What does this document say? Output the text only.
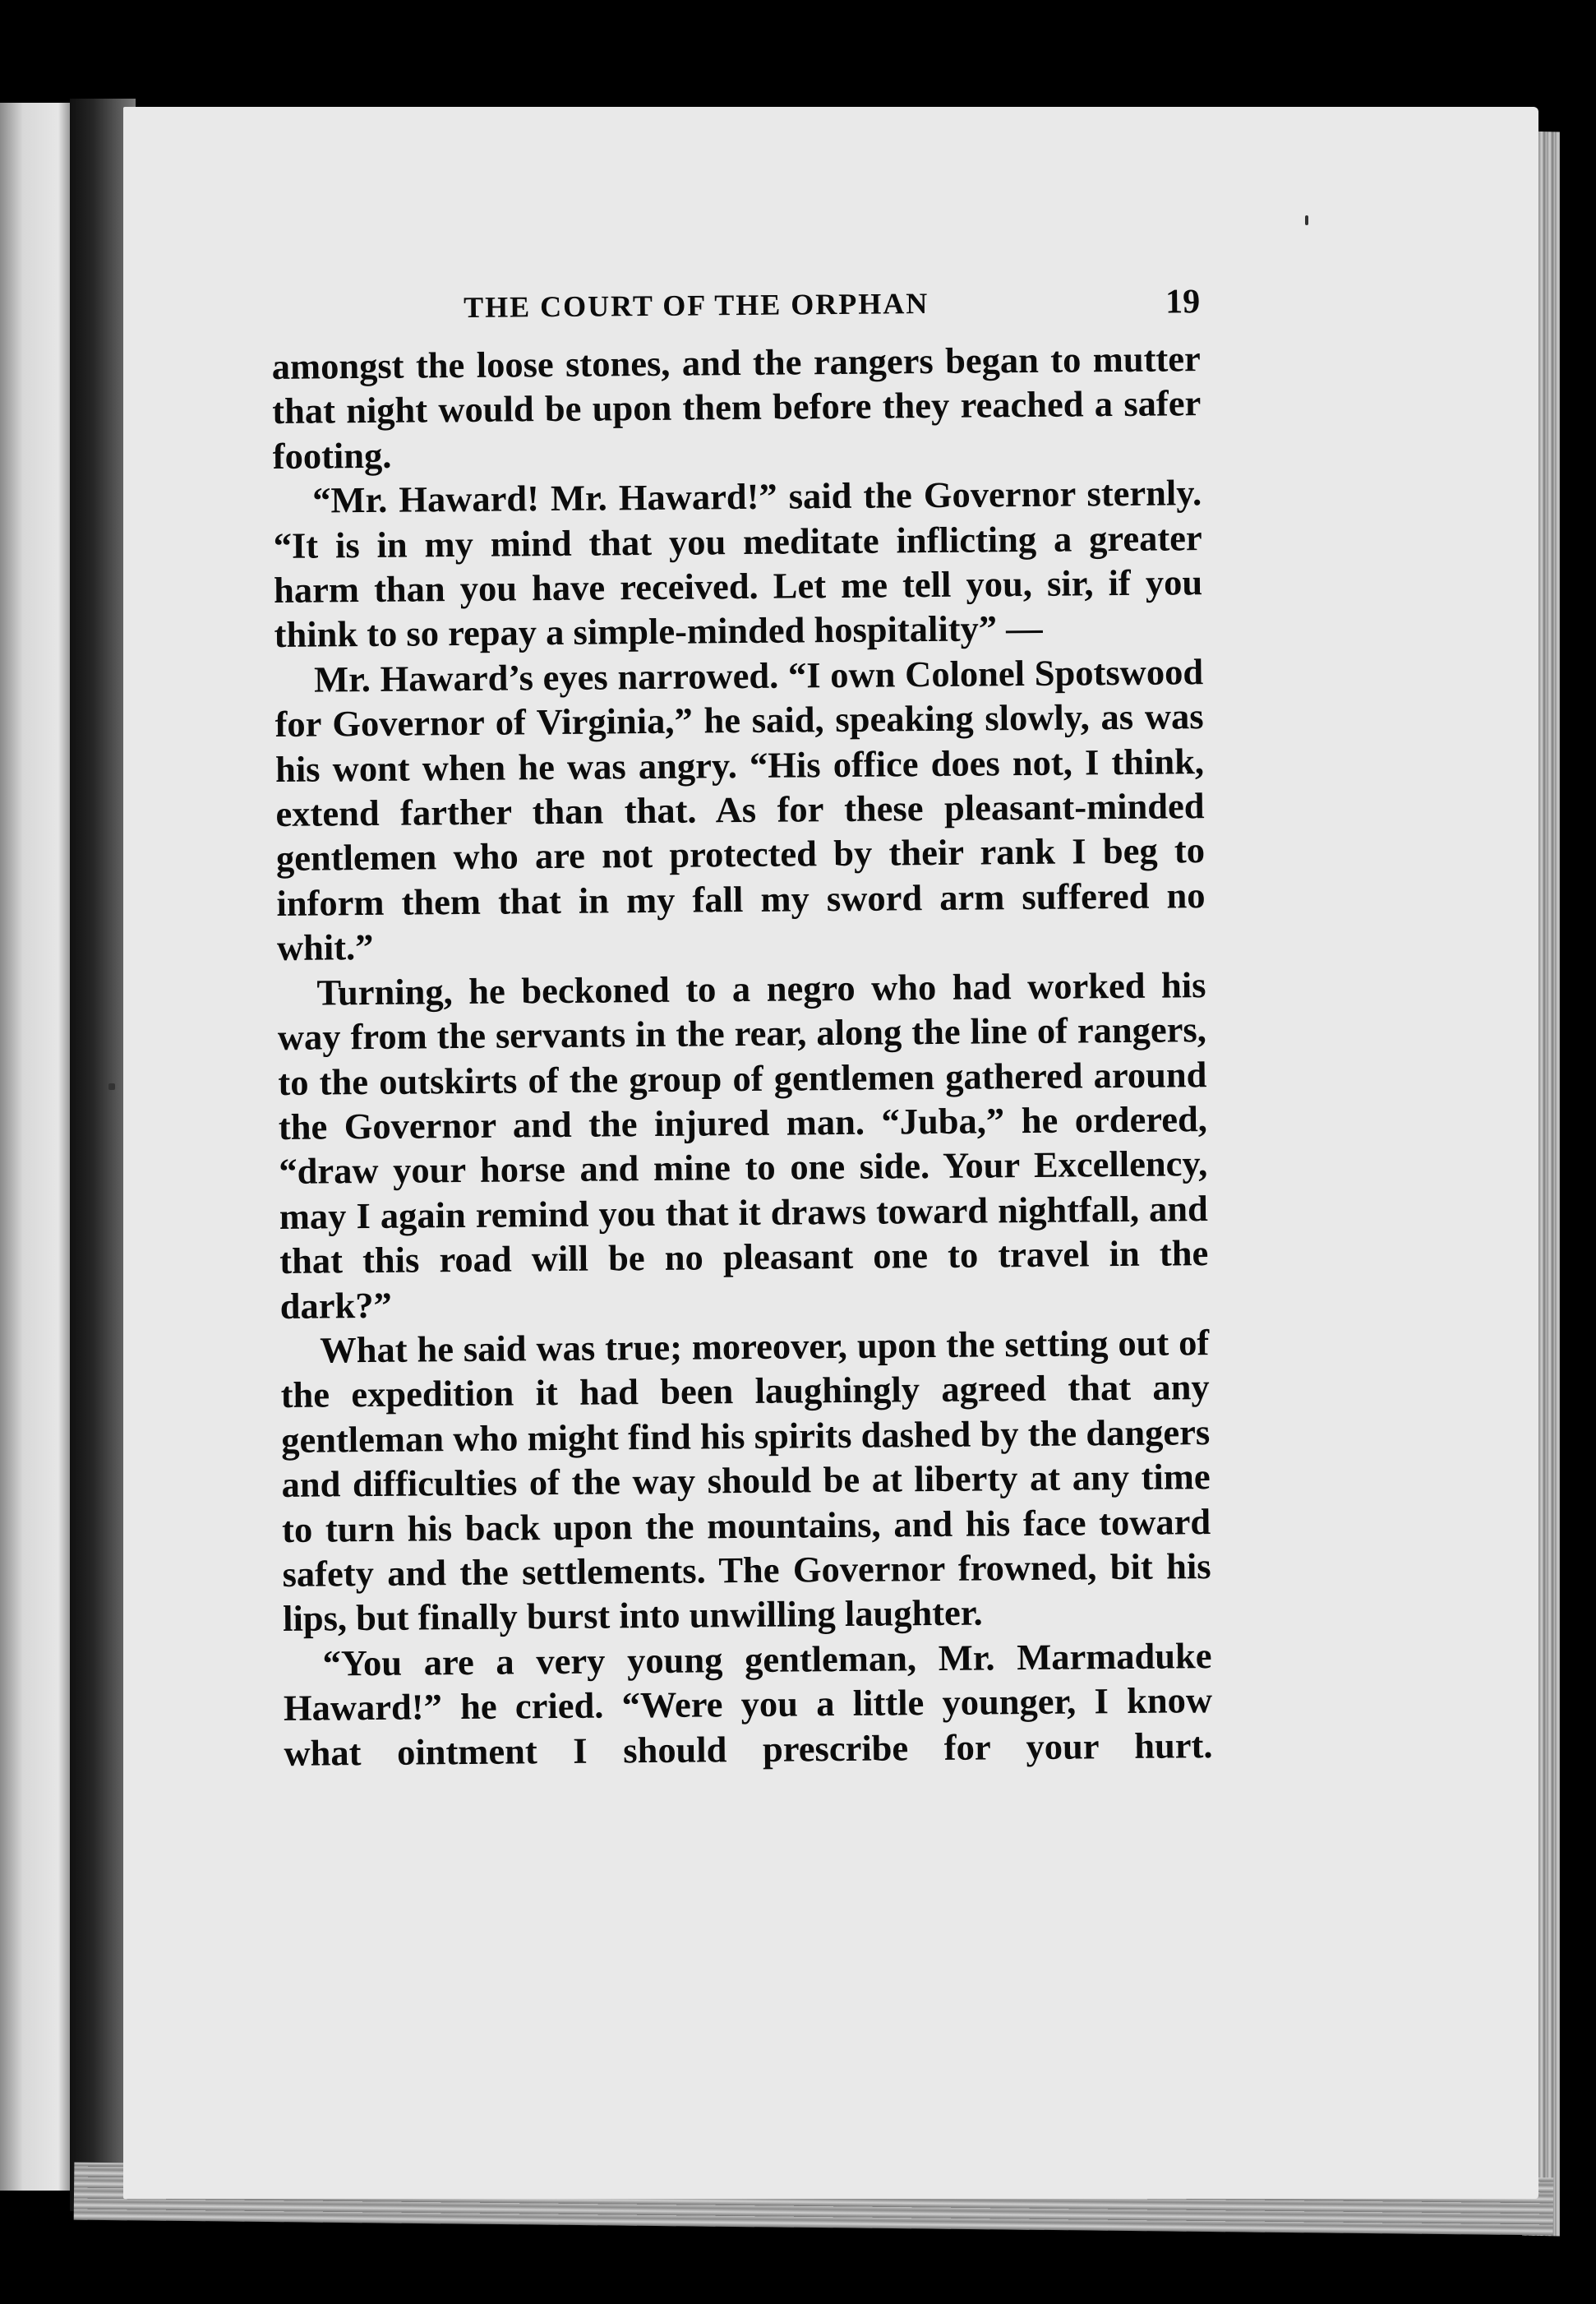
THE COURT OF THE ORPHAN	19

amongst the loose stones, and the rangers began to mutter that night would be upon them before they reached a safer footing.

“Mr. Haward! Mr. Haward!” said the Governor sternly. “It is in my mind that you meditate inflicting a greater harm than you have received. Let me tell you, sir, if you think to so repay a simple-minded hospitality” —

Mr. Haward’s eyes narrowed. “I own Colonel Spotswood for Governor of Virginia,” he said, speaking slowly, as was his wont when he was angry. “His office does not, I think, extend farther than that. As for these pleasant-minded gentlemen who are not protected by their rank I beg to inform them that in my fall my sword arm suffered no whit.”

Turning, he beckoned to a negro who had worked his way from the servants in the rear, along the line of rangers, to the outskirts of the group of gentlemen gathered around the Governor and the injured man. “Juba,” he ordered, “draw your horse and mine to one side. Your Excellency, may I again remind you that it draws toward nightfall, and that this road will be no pleasant one to travel in the dark?”

What he said was true; moreover, upon the setting out of the expedition it had been laughingly agreed that any gentleman who might find his spirits dashed by the dangers and difficulties of the way should be at liberty at any time to turn his back upon the mountains, and his face toward safety and the settlements. The Governor frowned, bit his lips, but finally burst into unwilling laughter.

“You are a very young gentleman, Mr. Marmaduke Haward!” he cried. “Were you a little younger, I know what ointment I should prescribe for your hurt.
